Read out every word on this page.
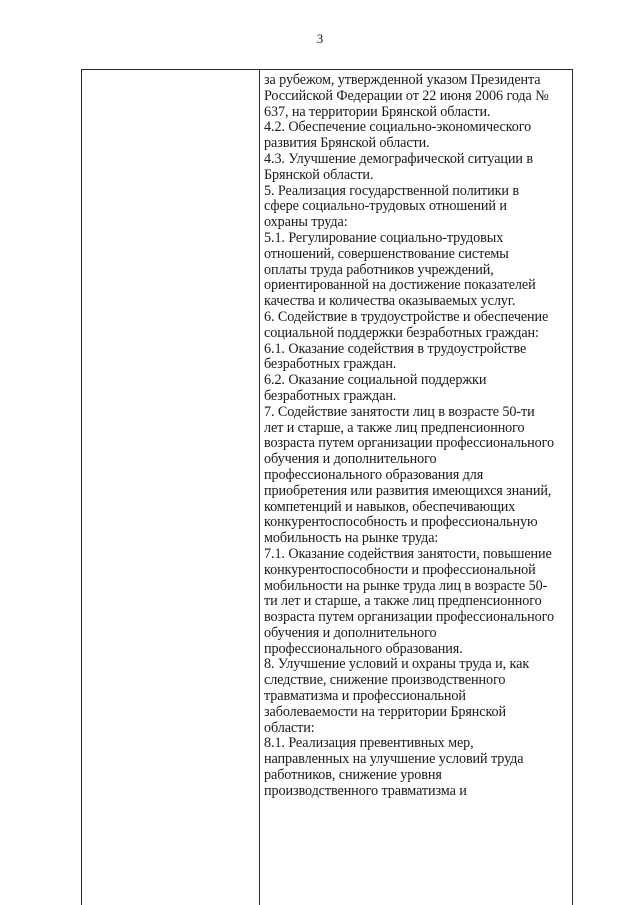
3
за рубежом, утвержденной указом Президента
Российской Федерации от 22 июня 2006 года №
637, на территории Брянской области.
4.2. Обеспечение социально-экономического
развития Брянской области.
4.3. Улучшение демографической ситуации в
Брянской области.
5. Реализация государственной политики в
сфере социально-трудовых отношений и
охраны труда:
5.1. Регулирование социально-трудовых
отношений, совершенствование системы
оплаты труда работников учреждений,
ориентированной на достижение показателей
качества и количества оказываемых услуг.
6. Содействие в трудоустройстве и обеспечение
социальной поддержки безработных граждан:
6.1. Оказание содействия в трудоустройстве
безработных граждан.
6.2. Оказание социальной поддержки
безработных граждан.
7. Содействие занятости лиц в возрасте 50-ти
лет и старше, а также лиц предпенсионного
возраста путем организации профессионального
обучения и дополнительного
профессионального образования для
приобретения или развития имеющихся знаний,
компетенций и навыков, обеспечивающих
конкурентоспособность и профессиональную
мобильность на рынке труда:
7.1. Оказание содействия занятости, повышение
конкурентоспособности и профессиональной
мобильности на рынке труда лиц в возрасте 50-
ти лет и старше, а также лиц предпенсионного
возраста путем организации профессионального
обучения и дополнительного
профессионального образования.
8. Улучшение условий и охраны труда и, как
следствие, снижение производственного
травматизма и профессиональной
заболеваемости на территории Брянской
области:
8.1. Реализация превентивных мер,
направленных на улучшение условий труда
работников, снижение уровня
производственного травматизма и
